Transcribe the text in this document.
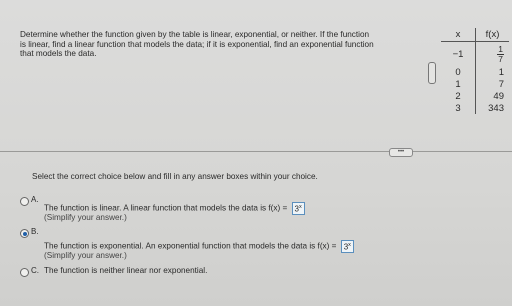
Determine whether the function given by the table is linear, exponential, or neither. If the function
is linear, find a linear function that models the data; if it is exponential, find an exponential function
that models the data.
x	f(x)
−1	$\frac{1}{7}$

0	1
1	7
2	49
3	343
•••
Select the correct choice below and fill in any answer boxes within your choice.
A.
The function is linear. A linear function that models the data is $f(x) = 3^x$
(Simplify your answer.)
B.
The function is exponential. An exponential function that models the data is $f(x) = 3^x$
(Simplify your answer.)
C. The function is neither linear nor exponential.
